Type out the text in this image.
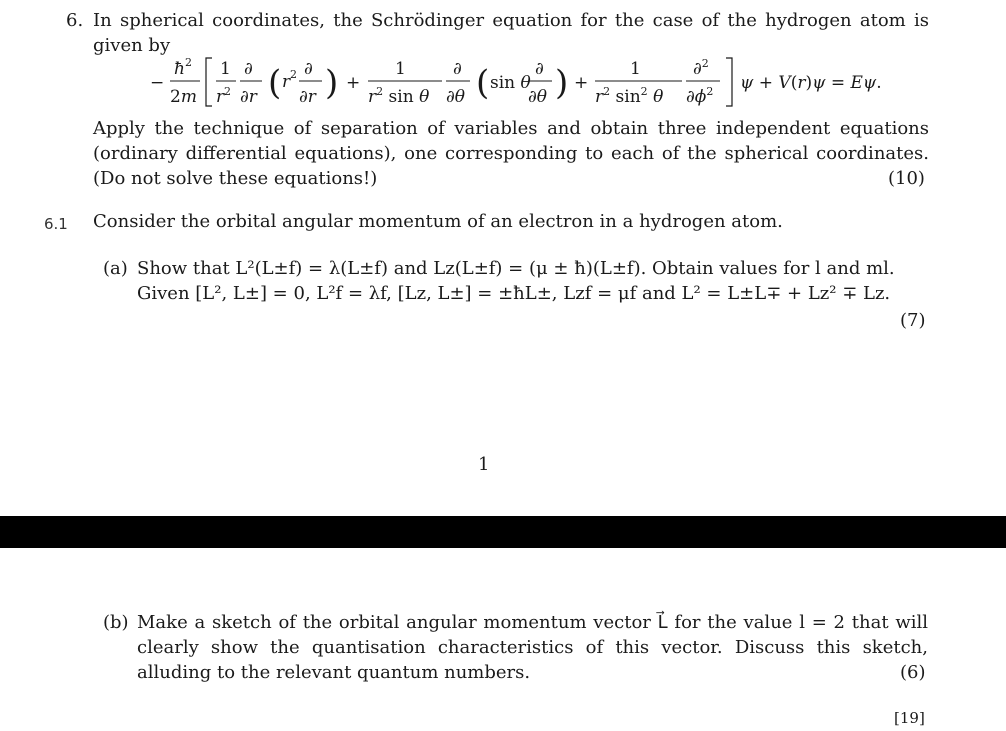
6. In spherical coordinates, the Schrödinger equation for the case of the hydrogen atom is given by
−
ħ 2
2m
1
r 2
∂
∂r ( r 2 ∂
∂r ) +
1
$r^2$ sin θ
∂
∂θ ( sin θ
∂
∂θ ) +
1
$r^2$ $\sin^2 \theta$
∂$^2$
$\partial\phi^2$ ψ + V(r)ψ = Eψ.
Apply the technique of separation of variables and obtain three independent equations (ordinary differential equations), one corresponding to each of the spherical coordinates. (Do not solve these equations!)	(10)
6.1 Consider the orbital angular momentum of an electron in a hydrogen atom.
(a) Show that L²(L±f) = λ(L±f) and Lz(L±f) = (μ ± ħ)(L±f). Obtain values for l and ml.
Given [L², L±] = 0, L²f = λf, [Lz, L±] = ±ħL±, Lzf = μf and L² = L±L∓ + Lz² ∓ Lz.
(7)
1
(b) Make a sketch of the orbital angular momentum vector L⃗ for the value l = 2 that will clearly show the quantisation characteristics of this vector. Discuss this sketch, alluding to the relevant quantum numbers.	(6)
[19]
